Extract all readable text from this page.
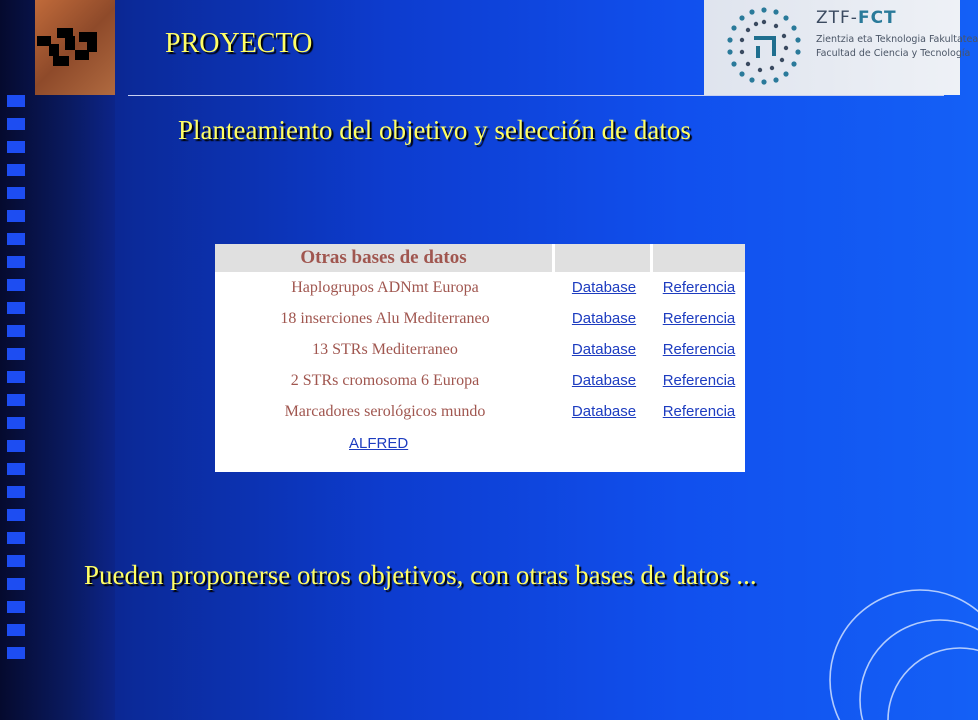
PROYECTO
ZTF-FCT
Zientzia eta Teknologia Fakultatea
Facultad de Ciencia y Tecnología
Planteamiento del objetivo y selección de datos
Otras bases de datos		
Haplogrupos ADNmt Europa	Database	Referencia
18 inserciones Alu Mediterraneo	Database	Referencia
13 STRs Mediterraneo	Database	Referencia
2 STRs cromosoma 6 Europa	Database	Referencia
Marcadores serológicos mundo	Database	Referencia
ALFRED

Pueden proponerse otros objetivos, con otras bases de datos ...
